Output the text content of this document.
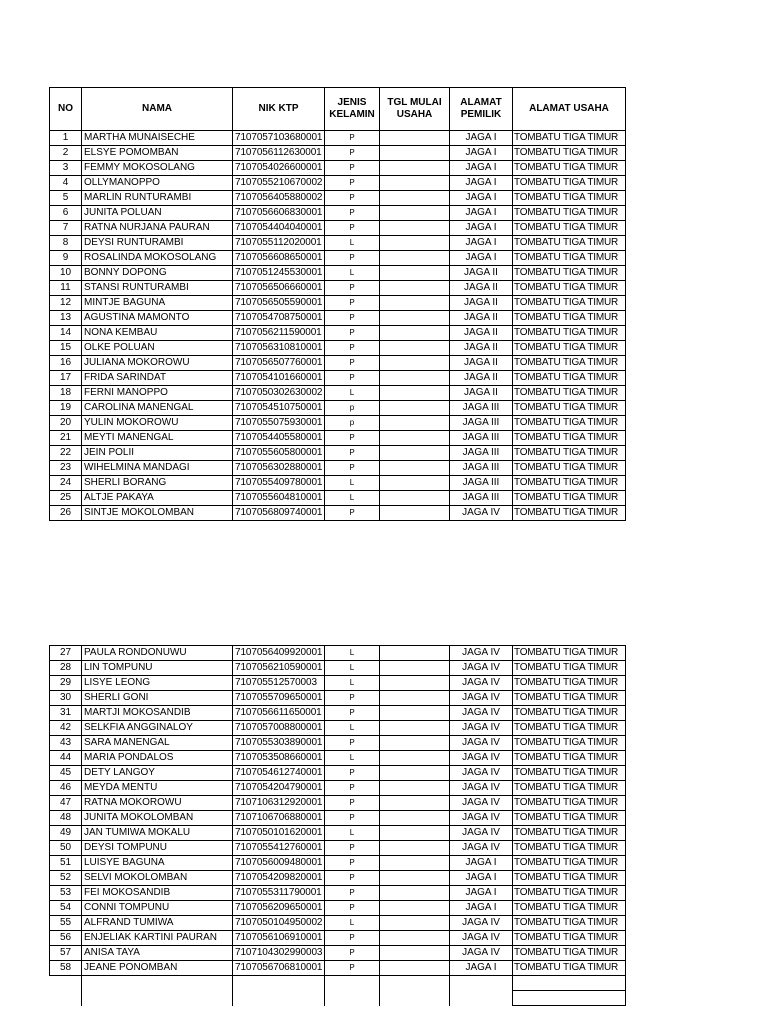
NO	NAMA	NIK KTP	JENIS KELAMIN	TGL MULAI USAHA	ALAMAT PEMILIK	ALAMAT USAHA
1	MARTHA MUNAISECHE	7107057103680001	P		JAGA I	TOMBATU TIGA TIMUR
2	ELSYE POMOMBAN	7107056112630001	P		JAGA I	TOMBATU TIGA TIMUR
3	FEMMY MOKOSOLANG	7107054026600001	P		JAGA I	TOMBATU TIGA TIMUR
4	OLLYMANOPPO	7107055210670002	P		JAGA I	TOMBATU TIGA TIMUR
5	MARLIN RUNTURAMBI	7107056405880002	P		JAGA I	TOMBATU TIGA TIMUR
6	JUNITA POLUAN	7107056606830001	P		JAGA I	TOMBATU TIGA TIMUR
7	RATNA NURJANA PAURAN	7107054404040001	P		JAGA I	TOMBATU TIGA TIMUR
8	DEYSI RUNTURAMBI	7107055112020001	L		JAGA I	TOMBATU TIGA TIMUR
9	ROSALINDA MOKOSOLANG	7107056608650001	P		JAGA I	TOMBATU TIGA TIMUR
10	BONNY DOPONG	7107051245530001	L		JAGA II	TOMBATU TIGA TIMUR
11	STANSI RUNTURAMBI	7107056506660001	P		JAGA II	TOMBATU TIGA TIMUR
12	MINTJE BAGUNA	7107056505590001	P		JAGA II	TOMBATU TIGA TIMUR
13	AGUSTINA MAMONTO	7107054708750001	P		JAGA II	TOMBATU TIGA TIMUR
14	NONA KEMBAU	7107056211590001	P		JAGA II	TOMBATU TIGA TIMUR
15	OLKE POLUAN	7107056310810001	P		JAGA II	TOMBATU TIGA TIMUR
16	JULIANA MOKOROWU	7107056507760001	P		JAGA II	TOMBATU TIGA TIMUR
17	FRIDA SARINDAT	7107054101660001	P		JAGA II	TOMBATU TIGA TIMUR
18	FERNI MANOPPO	7107050302630002	L		JAGA II	TOMBATU TIGA TIMUR
19	CAROLINA MANENGAL	7107054510750001	p		JAGA III	TOMBATU TIGA TIMUR
20	YULIN MOKOROWU	7107055075930001	p		JAGA III	TOMBATU TIGA TIMUR
21	MEYTI MANENGAL	7107054405580001	P		JAGA III	TOMBATU TIGA TIMUR
22	JEIN POLII	7107055605800001	P		JAGA III	TOMBATU TIGA TIMUR
23	WIHELMINA MANDAGI	7107056302880001	P		JAGA III	TOMBATU TIGA TIMUR
24	SHERLI BORANG	7107055409780001	L		JAGA III	TOMBATU TIGA TIMUR
25	ALTJE PAKAYA	7107055604810001	L		JAGA III	TOMBATU TIGA TIMUR
26	SINTJE MOKOLOMBAN	7107056809740001	P		JAGA IV	TOMBATU TIGA TIMUR
27	PAULA RONDONUWU	7107056409920001	L		JAGA IV	TOMBATU TIGA TIMUR
28	LIN TOMPUNU	7107056210590001	L		JAGA IV	TOMBATU TIGA TIMUR
29	LISYE LEONG	710705512570003	L		JAGA IV	TOMBATU TIGA TIMUR
30	SHERLI GONI	7107055709650001	P		JAGA IV	TOMBATU TIGA TIMUR
31	MARTJI MOKOSANDIB	7107056611650001	P		JAGA IV	TOMBATU TIGA TIMUR
42	SELKFIA ANGGINALOY	7107057008800001	L		JAGA IV	TOMBATU TIGA TIMUR
43	SARA MANENGAL	7107055303890001	P		JAGA IV	TOMBATU TIGA TIMUR
44	MARIA PONDALOS	7107053508660001	L		JAGA IV	TOMBATU TIGA TIMUR
45	DETY LANGOY	7107054612740001	P		JAGA IV	TOMBATU TIGA TIMUR
46	MEYDA MENTU	7107054204790001	P		JAGA IV	TOMBATU TIGA TIMUR
47	RATNA MOKOROWU	7107106312920001	P		JAGA IV	TOMBATU TIGA TIMUR
48	JUNITA MOKOLOMBAN	7107106706880001	P		JAGA IV	TOMBATU TIGA TIMUR
49	JAN TUMIWA MOKALU	7107050101620001	L		JAGA IV	TOMBATU TIGA TIMUR
50	DEYSI TOMPUNU	7107055412760001	P		JAGA IV	TOMBATU TIGA TIMUR
51	LUISYE BAGUNA	7107056009480001	P		JAGA I	TOMBATU TIGA TIMUR
52	SELVI MOKOLOMBAN	7107054209820001	P		JAGA I	TOMBATU TIGA TIMUR
53	FEI MOKOSANDIB	7107055311790001	P		JAGA I	TOMBATU TIGA TIMUR
54	CONNI TOMPUNU	7107056209650001	P		JAGA I	TOMBATU TIGA TIMUR
55	ALFRAND TUMIWA	7107050104950002	L		JAGA IV	TOMBATU TIGA TIMUR
56	ENJELIAK KARTINI PAURAN	7107056106910001	P		JAGA IV	TOMBATU TIGA TIMUR
57	ANISA TAYA	7107104302990003	P		JAGA IV	TOMBATU TIGA TIMUR
58	JEANE PONOMBAN	7107056706810001	P		JAGA I	TOMBATU TIGA TIMUR
